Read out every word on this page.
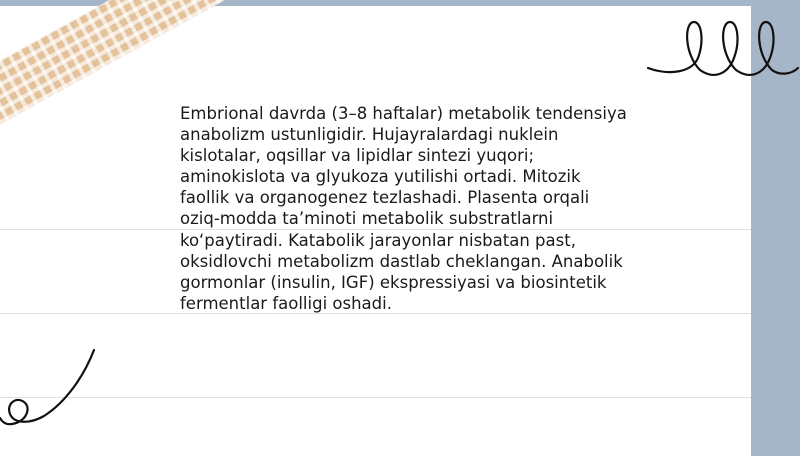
Embrional davrda (3–8 haftalar) metabolik tendensiya
anabolizm ustunligidir. Hujayralardagi nuklein
kislotalar, oqsillar va lipidlar sintezi yuqori;
aminokislota va glyukoza yutilishi ortadi. Mitozik
faollik va organogenez tezlashadi. Plasenta orqali
oziq-modda ta’minoti metabolik substratlarni
ko‘paytiradi. Katabolik jarayonlar nisbatan past,
oksidlovchi metabolizm dastlab cheklangan. Anabolik
gormonlar (insulin, IGF) ekspressiyasi va biosintetik
fermentlar faolligi oshadi.
